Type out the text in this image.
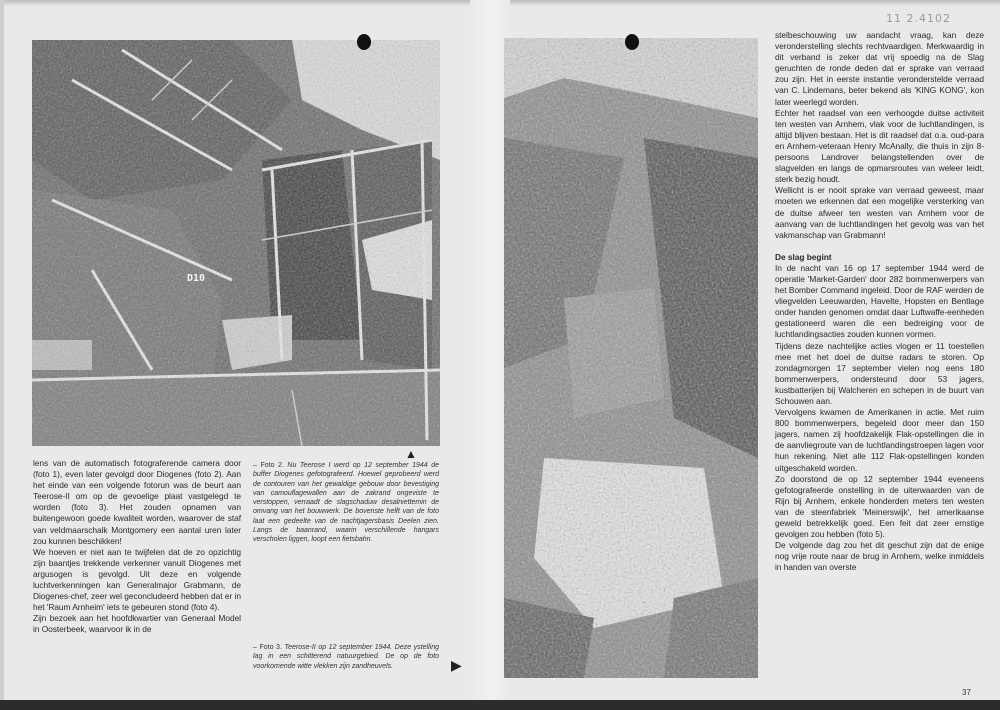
D10
11 2.4102

lens van de automatisch fotograferende camera door (foto 1), even later gevolgd door Diogenes (foto 2). Aan het einde van een volgende fotorun was de beurt aan Teerose-II om op de gevoelige plaat vastgelegd te worden (foto 3). Het zouden opnamen van buitengewoon goede kwaliteit worden, waarover de staf van veldmaarschalk Montgomery een aantal uren later zou kunnen beschikken!

We hoeven er niet aan te twijfelen dat de zo opzichtig zijn baantjes trekkende verkenner vanuit Diogenes met argusogen is gevolgd. Uit deze en volgende luchtverkenningen kan Generalmajor Grabmann, de Diogenes-chef, zeer wel geconcludeerd hebben dat er in het 'Raum Arnheim' iets te gebeuren stond (foto 4).

Zijn bezoek aan het hoofdkwartier van Generaal Model in Oosterbeek, waarvoor ik in de

▲
– Foto 2. Nu Teerose I werd op 12 september 1944 de buffer Diogenes gefotografeerd. Hoewel geprobeerd werd de contouren van het gewaldige gebouw door bevestiging van camouflagewallen aan de zakrand ongeviste te verstoppen, verraadt de slagschaduw desalniettemin de omvang van het bouwwerk. De bovenste helft van de foto laat een gedeelte van de nachtjagersbasis Deelen zien. Langs de baanrand, waarin verschillende hangars verscholen liggen, loopt een fietsbahn.
– Foto 3. Teerose-II op 12 september 1944. Deze ystelling lag in een schitterend natuurgebied. De op de foto voorkomende witte vlekken zijn zandheuvels.	▶

stelbeschouwing uw aandacht vraag, kan deze veronderstelling slechts rechtvaardigen. Merkwaardig in dit verband is zeker dat vrij spoedig na de Slag geruchten de ronde deden dat er sprake van verraad zou zijn. Het in eerste instantie veronderstelde verraad van C. Lindemans, beter bekend als 'KING KONG', kon later weerlegd worden.

Echter het raadsel van een verhoogde duitse activiteit ten westen van Arnhem, vlak voor de luchtlandingen, is altijd blijven bestaan. Het is dit raadsel dat o.a. oud-para en Arnhem-veteraan Henry McAnally, die thuis in zijn 8-persoons Landrover belangstellenden over de slagvelden en langs de opmarsroutes van weleer leidt, sterk bezig houdt.

Wellicht is er nooit sprake van verraad geweest, maar moeten we erkennen dat een mogelijke versterking van de duitse afweer ten westen van Arnhem voor de aanvang van de luchtlandingen het gevolg was van het vakmanschap van Grabmann!

De slag begint

In de nacht van 16 op 17 september 1944 werd de operatie 'Market-Garden' door 282 bommenwerpers van het Bomber Command ingeleid. Door de RAF werden de vliegvelden Leeuwarden, Havelte, Hopsten en Bentlage onder handen genomen omdat daar Luftwaffe-eenheden gestationeerd waren die een bedreiging voor de luchtlandingsacties zouden kunnen vormen.

Tijdens deze nachtelijke acties vlogen er 11 toestellen mee met het doel de duitse radars te storen. Op zondagmorgen 17 september vielen nog eens 180 bommenwerpers, ondersteund door 53 jagers, kustbatterijen bij Walcheren en schepen in de buurt van Schouwen aan.

Vervolgens kwamen de Amerikanen in actie. Met ruim 800 bommenwerpers, begeleid door meer dan 150 jagers, namen zij hoofdzakelijk Flak-opstellingen die in de aanvliegroute van de luchtlandingstroepen lagen voor hun rekening. Niet alle 112 Flak-opstellingen konden uitgeschakeld worden.

Zo doorstond de op 12 september 1944 eveneens gefotografeerde onstelling in de uiterwaarden van de Rijn bij Arnhem, enkele honderden meters ten westen van de steenfabriek 'Meinerswijk', het amerikaanse geweld betrekkelijk goed. Een feit dat zeer ernstige gevolgen zou hebben (foto 5).

De volgende dag zou het dit geschut zijn dat de enige nog vrije route naar de brug in Arnhem, welke inmiddels in handen van overste

37
